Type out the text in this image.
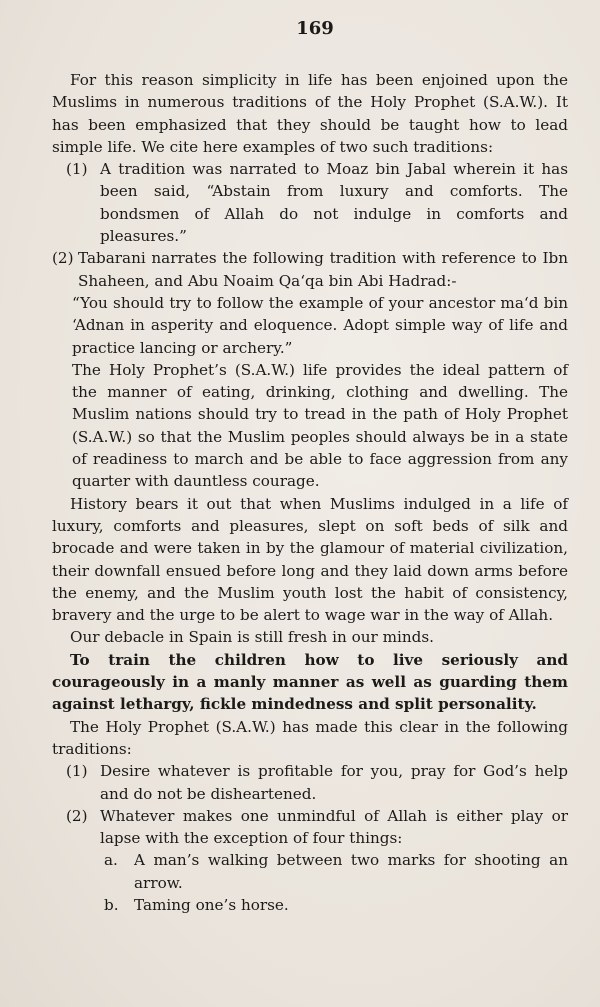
169

For this reason simplicity in life has been enjoined upon the Muslims in numerous traditions of the Holy Prophet (S.A.W.). It has been emphasized that they should be taught how to lead simple life. We cite here examples of two such traditions:

(1) A tradition was narrated to Moaz bin Jabal wherein it has been said, “Abstain from luxury and comforts. The bondsmen of Allah do not indulge in comforts and pleasures.”

(2) Tabarani narrates the following tradition with reference to Ibn Shaheen, and Abu Noaim Qa‘qa bin Abi Hadrad:-

“You should try to follow the example of your ancestor ma‘d bin ‘Adnan in asperity and eloquence. Adopt simple way of life and practice lancing or archery.”

The Holy Prophet’s (S.A.W.) life provides the ideal pattern of the manner of eating, drinking, clothing and dwelling. The Muslim nations should try to tread in the path of Holy Prophet (S.A.W.) so that the Muslim peoples should always be in a state of readiness to march and be able to face aggression from any quarter with dauntless courage.

History bears it out that when Muslims indulged in a life of luxury, comforts and pleasures, slept on soft beds of silk and brocade and were taken in by the glamour of material civilization, their downfall ensued before long and they laid down arms before the enemy, and the Muslim youth lost the habit of consistency, bravery and the urge to be alert to wage war in the way of Allah.

Our debacle in Spain is still fresh in our minds.

To train the children how to live seriously and courageously in a manly manner as well as guarding them against lethargy, fickle mindedness and split personality.

The Holy Prophet (S.A.W.) has made this clear in the following traditions:

(1) Desire whatever is profitable for you, pray for God’s help and do not be disheartened.
(2) Whatever makes one unmindful of Allah is either play or lapse with the exception of four things:
a.	A man’s walking between two marks for shooting an arrow.
b.	Taming one’s horse.
